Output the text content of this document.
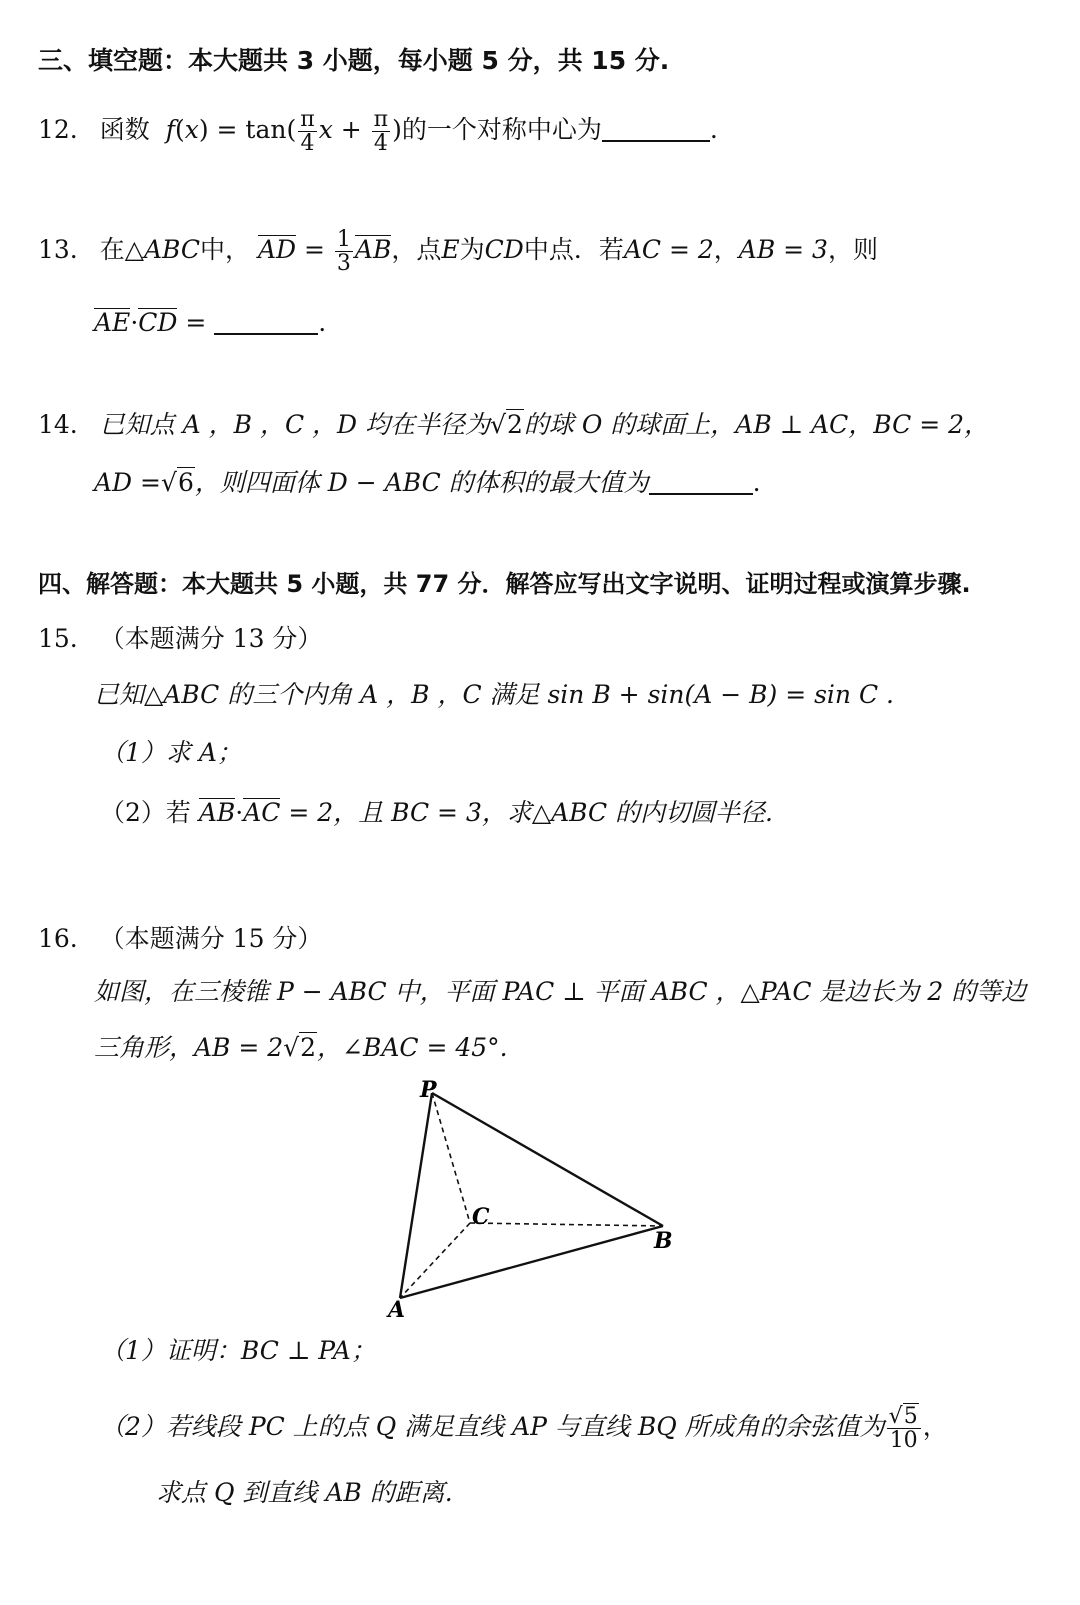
三、填空题：本大题共 3 小题，每小题 5 分，共 15 分.
12. 函数 $f(x) = \tan( \frac{\pi}{4}$ $x + \frac{\pi}{4}$ )的一个对称中心为	.
13. 在△ABC中， AD = $\frac{1}{3}$ AB，点E为CD中点．若AC = 2，AB = 3，则
AE·CD =	.
14. 已知点 A ，B ，C ，D 均在半径为√2的球 O 的球面上，AB ⊥ AC，BC = 2，
AD =√6，则四面体 D − ABC 的体积的最大值为	.
四、解答题：本大题共 5 小题，共 77 分．解答应写出文字说明、证明过程或演算步骤.
15. （本题满分 13 分）
已知△ABC 的三个内角 A ，B ，C 满足 sin B + sin(A − B) = sin C .
（1）求 A；
（2）若 AB·AC = 2，且 BC = 3，求△ABC 的内切圆半径.
16. （本题满分 15 分）
如图，在三棱锥 P − ABC 中，平面 PAC ⊥ 平面 ABC ，△PAC 是边长为 2 的等边
三角形，AB = 2√2，∠BAC = 45°.
P
A
B
C
（1）证明：BC ⊥ PA；
（2）若线段 PC 上的点 Q 满足直线 AP 与直线 BQ 所成角的余弦值为 $\frac{√5}{10}$ ，
求点 Q 到直线 AB 的距离.
